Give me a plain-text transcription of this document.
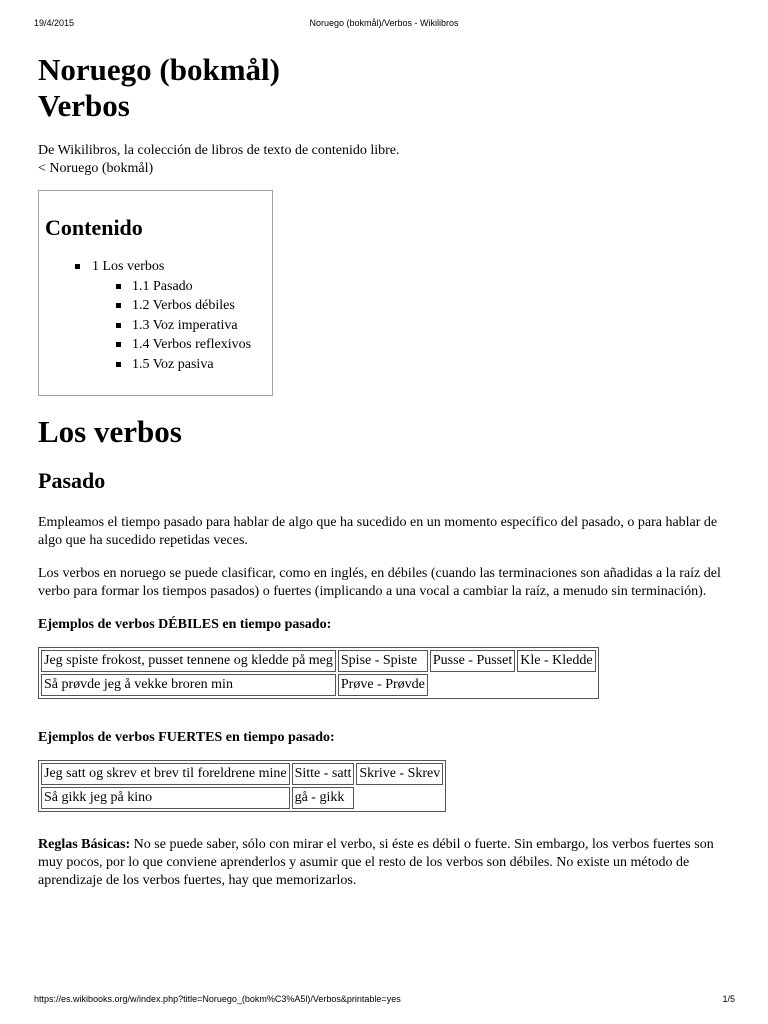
19/4/2015	Noruego (bokmål)/Verbos - Wikilibros
Noruego (bokmål)
Verbos

De Wikilibros, la colección de libros de texto de contenido libre.

< Noruego (bokmål)

Contenido
1 Los verbos
1.1 Pasado
1.2 Verbos débiles
1.3 Voz imperativa
1.4 Verbos reflexivos
1.5 Voz pasiva
Los verbos
Pasado

Empleamos el tiempo pasado para hablar de algo que ha sucedido en un momento específico del pasado, o para hablar de algo que ha sucedido repetidas veces.

Los verbos en noruego se puede clasificar, como en inglés, en débiles (cuando las terminaciones son añadidas a la raíz del verbo para formar los tiempos pasados) o fuertes (implicando a una vocal a cambiar la raíz, a menudo sin terminación).

Ejemplos de verbos DÉBILES en tiempo pasado:

Jeg spiste frokost, pusset tennene og kledde på meg	Spise - Spiste	Pusse - Pusset	Kle - Kledde
Så prøvde jeg å vekke broren min	Prøve - Prøvde		

Ejemplos de verbos FUERTES en tiempo pasado:

Jeg satt og skrev et brev til foreldrene mine	Sitte - satt	Skrive - Skrev
Så gikk jeg på kino	gå - gikk	

Reglas Básicas: No se puede saber, sólo con mirar el verbo, si éste es débil o fuerte. Sin embargo, los verbos fuertes son muy pocos, por lo que conviene aprenderlos y asumir que el resto de los verbos son débiles. No existe un método de aprendizaje de los verbos fuertes, hay que memorizarlos.

https://es.wikibooks.org/w/index.php?title=Noruego_(bokm%C3%A5l)/Verbos&printable=yes	1/5
